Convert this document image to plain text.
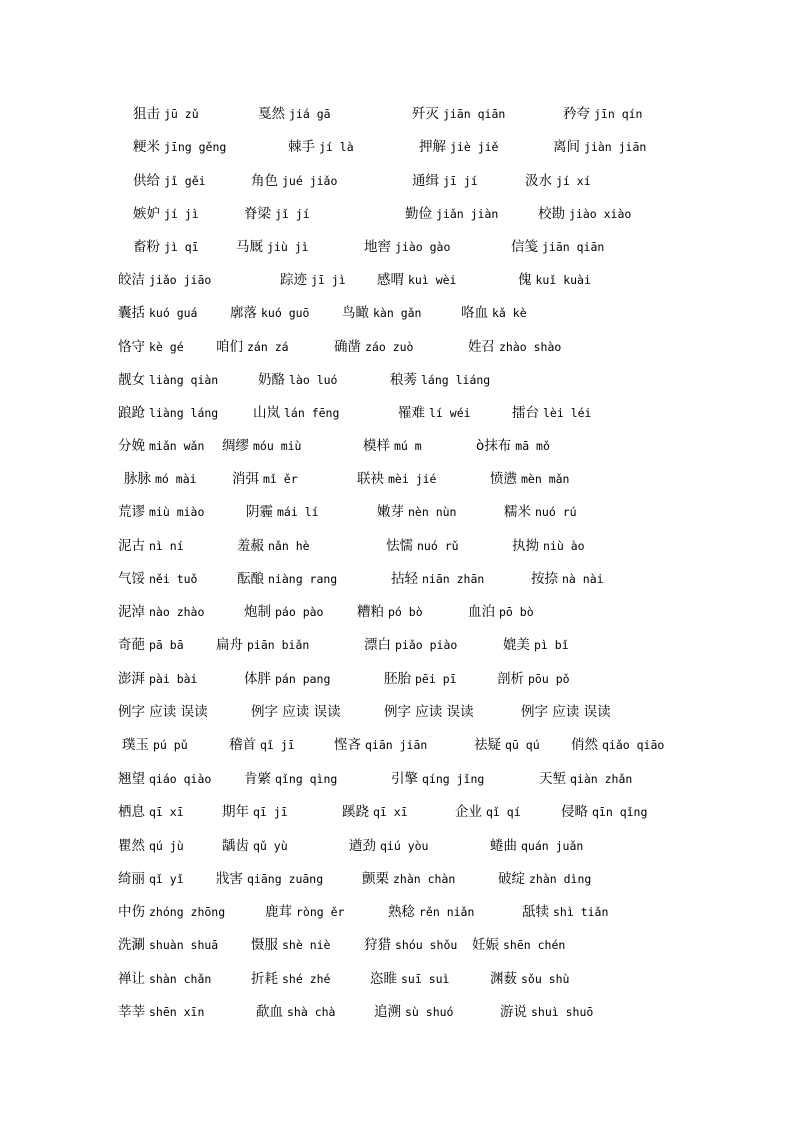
狙击 jū zǔ	戛然 jiá gā	歼灭 jiān qiān	矜夸 jīn qín
粳米 jīng gěng	棘手 jí là	押解 jiè jiě	离间 jiàn jiān
供给 jǐ gěi	角色 jué jiǎo	通缉 jī jí	汲水 jí xí
嫉妒 jí jì	脊梁 jǐ jí	勤俭 jiǎn jiàn	校勘 jiào xiào
畜粉 jì qī	马厩 jiù jì	地窖 jiào gào	信笺 jiān qiān
皎洁 jiǎo jiāo	踪迹 jī jì 感喟 kuì wèi	傀 kuǐ kuài
囊括 kuó guá 廓落 kuó guō 鸟瞰 kàn gǎn	咯血 kǎ kè
恪守 kè gé 咱们 zán zá	确凿 záo zuò	姓召 zhào shào
靓女 liàng qiàn	奶酪 lào luó	稂莠 láng liáng
踉跄 liàng láng	山岚 lán fēng	罹难 lí wéi	擂台 lèi léi
分娩 miǎn wǎn 绸缪 móu miù	模样 mú m	ò抹布 mā mǒ
脉脉 mó mài	消弭 mǐ ěr	联袂 mèi jié	愤懑 mèn mǎn
荒谬 miù miào	阴霾 mái lí	嫩芽 nèn nùn	糯米 nuó rú
泥古 nì ní	羞赧 nǎn hè	怯懦 nuó rǔ	执拗 niù ào
气馁 něi tuǒ	酝酿 niàng rang	拈轻 niān zhān	按捺 nà nài
泥淖 nào zhào	炮制 páo pào 糟粕 pó bò	血泊 pō bò
奇葩 pā bā 扁舟 piān biǎn	漂白 piǎo piào	媲美 pì bǐ
澎湃 pài bài	体胖 pán pang	胚胎 pēi pī	剖析 pōu pǒ
例字 应读 误读	例字 应读 误读	例字 应读 误读	例字 应读 误读
璞玉 pú pǔ	稽首 qǐ jī	悭吝 qiān jiān	祛疑 qū qú 俏然 qiǎo qiāo
翘望 qiáo qiào 肯綮 qǐng qìng	引擎 qíng jǐng	天堑 qiàn zhǎn
栖息 qī xī	期年 qī jī	蹊跷 qī xī	企业 qǐ qí	侵略 qīn qǐng
瞿然 qú jù	龋齿 qǔ yù	遒劲 qiú yòu	蜷曲 quán juǎn
绮丽 qǐ yǐ 戕害 qiāng zuāng	颤栗 zhàn chàn	破绽 zhàn dìng
中伤 zhóng zhōng	鹿茸 ròng ěr	熟稔 rěn niǎn	舐犊 shì tiǎn
洗涮 shuàn shuā 慑服 shè niè 狩猎 shóu shǒu 妊娠 shēn chén
禅让 shàn chǎn	折耗 shé zhé	恣睢 suī suì	渊薮 sǒu shù
莘莘 shēn xīn	歃血 shà chà	追溯 sù shuó	游说 shuì shuō
